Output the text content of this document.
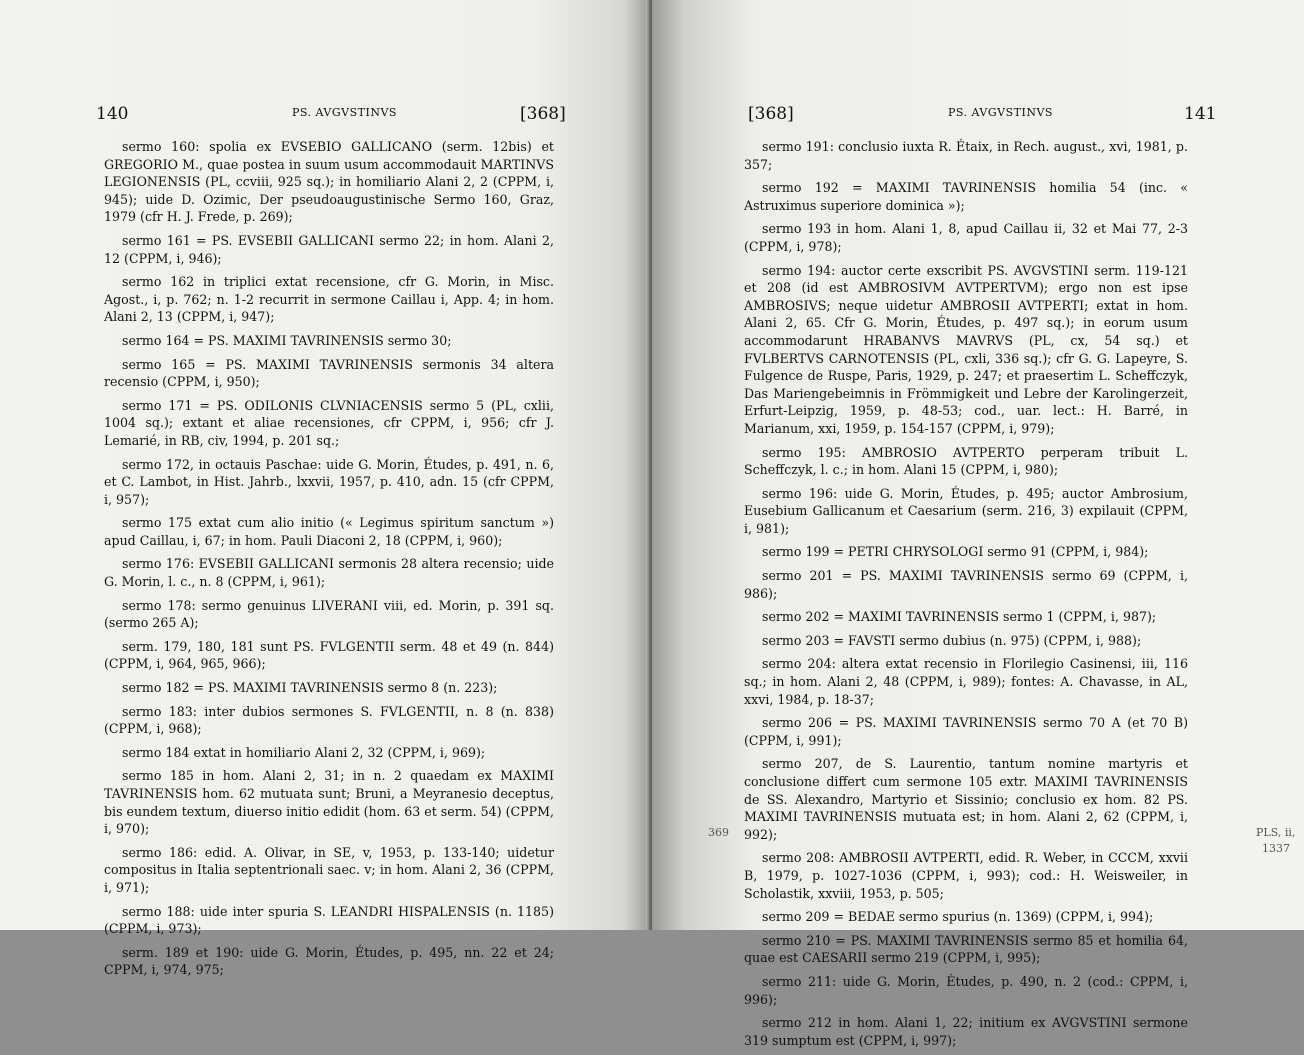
140	PS. AVGVSTINVS	[368]

sermo 160: spolia ex EVSEBIO GALLICANO (serm. 12bis) et GREGORIO M., quae postea in suum usum accommodauit MARTINVS LEGIONENSIS (PL, ccviii, 925 sq.); in homiliario Alani 2, 2 (CPPM, i, 945); uide D. Ozimic, Der pseudoaugustinische Sermo 160, Graz, 1979 (cfr H. J. Frede, p. 269);

sermo 161 = PS. EVSEBII GALLICANI sermo 22; in hom. Alani 2, 12 (CPPM, i, 946);

sermo 162 in triplici extat recensione, cfr G. Morin, in Misc. Agost., i, p. 762; n. 1-2 recurrit in sermone Caillau i, App. 4; in hom. Alani 2, 13 (CPPM, i, 947);

sermo 164 = PS. MAXIMI TAVRINENSIS sermo 30;

sermo 165 = PS. MAXIMI TAVRINENSIS sermonis 34 altera recensio (CPPM, i, 950);

sermo 171 = PS. ODILONIS CLVNIACENSIS sermo 5 (PL, cxlii, 1004 sq.); extant et aliae recensiones, cfr CPPM, i, 956; cfr J. Lemarié, in RB, civ, 1994, p. 201 sq.;

sermo 172, in octauis Paschae: uide G. Morin, Études, p. 491, n. 6, et C. Lambot, in Hist. Jahrb., lxxvii, 1957, p. 410, adn. 15 (cfr CPPM, i, 957);

sermo 175 extat cum alio initio (« Legimus spiritum sanctum ») apud Caillau, i, 67; in hom. Pauli Diaconi 2, 18 (CPPM, i, 960);

sermo 176: EVSEBII GALLICANI sermonis 28 altera recensio; uide G. Morin, l. c., n. 8 (CPPM, i, 961);

sermo 178: sermo genuinus LIVERANI viii, ed. Morin, p. 391 sq. (sermo 265 A);

serm. 179, 180, 181 sunt PS. FVLGENTII serm. 48 et 49 (n. 844) (CPPM, i, 964, 965, 966);

sermo 182 = PS. MAXIMI TAVRINENSIS sermo 8 (n. 223);

sermo 183: inter dubios sermones S. FVLGENTII, n. 8 (n. 838) (CPPM, i, 968);

sermo 184 extat in homiliario Alani 2, 32 (CPPM, i, 969);

sermo 185 in hom. Alani 2, 31; in n. 2 quaedam ex MAXIMI TAVRINENSIS hom. 62 mutuata sunt; Bruni, a Meyranesio deceptus, bis eundem textum, diuerso initio edidit (hom. 63 et serm. 54) (CPPM, i, 970);

sermo 186: edid. A. Olivar, in SE, v, 1953, p. 133-140; uidetur compositus in Italia septentrionali saec. v; in hom. Alani 2, 36 (CPPM, i, 971);

sermo 188: uide inter spuria S. LEANDRI HISPALENSIS (n. 1185) (CPPM, i, 973);

serm. 189 et 190: uide G. Morin, Études, p. 495, nn. 22 et 24; CPPM, i, 974, 975;

[368]	PS. AVGVSTINVS	141

sermo 191: conclusio iuxta R. Étaix, in Rech. august., xvi, 1981, p. 357;

sermo 192 = MAXIMI TAVRINENSIS homilia 54 (inc. « Astruximus superiore dominica »);

sermo 193 in hom. Alani 1, 8, apud Caillau ii, 32 et Mai 77, 2-3 (CPPM, i, 978);

sermo 194: auctor certe exscribit PS. AVGVSTINI serm. 119-121 et 208 (id est AMBROSIVM AVTPERTVM); ergo non est ipse AMBROSIVS; neque uidetur AMBROSII AVTPERTI; extat in hom. Alani 2, 65. Cfr G. Morin, Études, p. 497 sq.); in eorum usum accommodarunt HRABANVS MAVRVS (PL, cx, 54 sq.) et FVLBERTVS CARNOTENSIS (PL, cxli, 336 sq.); cfr G. G. Lapeyre, S. Fulgence de Ruspe, Paris, 1929, p. 247; et praesertim L. Scheffczyk, Das Mariengebeimnis in Frömmigkeit und Lebre der Karolingerzeit, Erfurt-Leipzig, 1959, p. 48-53; cod., uar. lect.: H. Barré, in Marianum, xxi, 1959, p. 154-157 (CPPM, i, 979);

sermo 195: AMBROSIO AVTPERTO perperam tribuit L. Scheffczyk, l. c.; in hom. Alani 15 (CPPM, i, 980);

sermo 196: uide G. Morin, Études, p. 495; auctor Ambrosium, Eusebium Gallicanum et Caesarium (serm. 216, 3) expilauit (CPPM, i, 981);

sermo 199 = PETRI CHRYSOLOGI sermo 91 (CPPM, i, 984);

sermo 201 = PS. MAXIMI TAVRINENSIS sermo 69 (CPPM, i, 986);

sermo 202 = MAXIMI TAVRINENSIS sermo 1 (CPPM, i, 987);

sermo 203 = FAVSTI sermo dubius (n. 975) (CPPM, i, 988);

sermo 204: altera extat recensio in Florilegio Casinensi, iii, 116 sq.; in hom. Alani 2, 48 (CPPM, i, 989); fontes: A. Chavasse, in AL, xxvi, 1984, p. 18-37;

sermo 206 = PS. MAXIMI TAVRINENSIS sermo 70 A (et 70 B) (CPPM, i, 991);

sermo 207, de S. Laurentio, tantum nomine martyris et conclusione differt cum sermone 105 extr. MAXIMI TAVRINENSIS de SS. Alexandro, Martyrio et Sissinio; conclusio ex hom. 82 PS. MAXIMI TAVRINENSIS mutuata est; in hom. Alani 2, 62 (CPPM, i, 992);

sermo 208: AMBROSII AVTPERTI, edid. R. Weber, in CCCM, xxvii B, 1979, p. 1027-1036 (CPPM, i, 993); cod.: H. Weisweiler, in Scholastik, xxviii, 1953, p. 505;

sermo 209 = BEDAE sermo spurius (n. 1369) (CPPM, i, 994);

sermo 210 = PS. MAXIMI TAVRINENSIS sermo 85 et homilia 64, quae est CAESARII sermo 219 (CPPM, i, 995);

sermo 211: uide G. Morin, Études, p. 490, n. 2 (cod.: CPPM, i, 996);

sermo 212 in hom. Alani 1, 22; initium ex AVGVSTINI sermone 319 sumptum est (CPPM, i, 997);

369	PLS, ii,
1337
